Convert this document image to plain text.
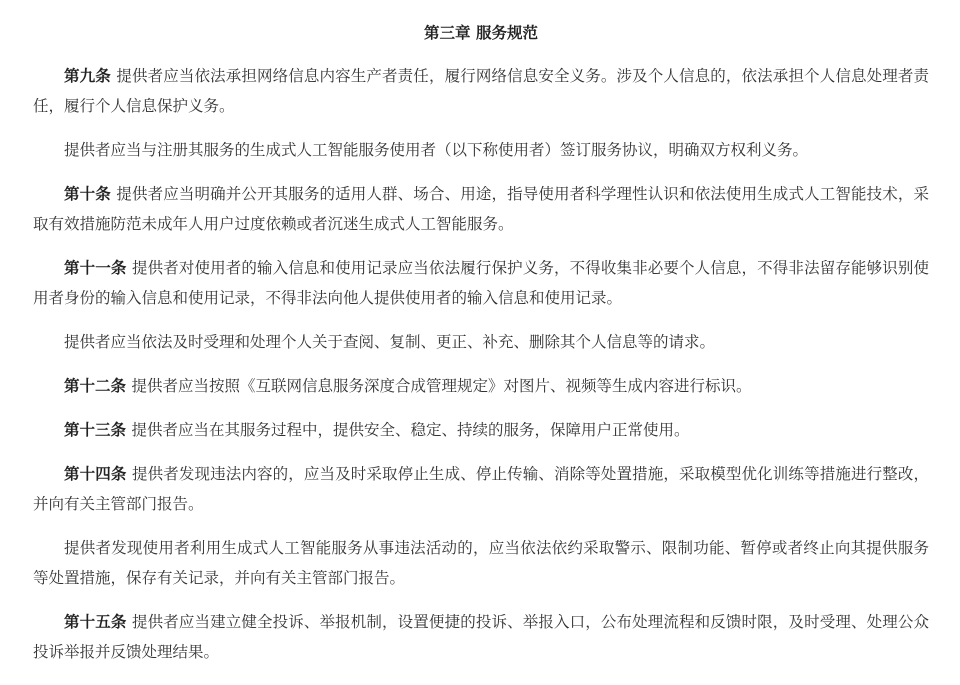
第三章 服务规范

第九条 提供者应当依法承担网络信息内容生产者责任，履行网络信息安全义务。涉及个人信息的，依法承担个人信息处理者责任，履行个人信息保护义务。

提供者应当与注册其服务的生成式人工智能服务使用者（以下称使用者）签订服务协议，明确双方权利义务。

第十条 提供者应当明确并公开其服务的适用人群、场合、用途，指导使用者科学理性认识和依法使用生成式人工智能技术，采取有效措施防范未成年人用户过度依赖或者沉迷生成式人工智能服务。

第十一条 提供者对使用者的输入信息和使用记录应当依法履行保护义务，不得收集非必要个人信息，不得非法留存能够识别使用者身份的输入信息和使用记录，不得非法向他人提供使用者的输入信息和使用记录。

提供者应当依法及时受理和处理个人关于查阅、复制、更正、补充、删除其个人信息等的请求。

第十二条 提供者应当按照《互联网信息服务深度合成管理规定》对图片、视频等生成内容进行标识。

第十三条 提供者应当在其服务过程中，提供安全、稳定、持续的服务，保障用户正常使用。

第十四条 提供者发现违法内容的，应当及时采取停止生成、停止传输、消除等处置措施，采取模型优化训练等措施进行整改，并向有关主管部门报告。

提供者发现使用者利用生成式人工智能服务从事违法活动的，应当依法依约采取警示、限制功能、暂停或者终止向其提供服务等处置措施，保存有关记录，并向有关主管部门报告。

第十五条 提供者应当建立健全投诉、举报机制，设置便捷的投诉、举报入口，公布处理流程和反馈时限，及时受理、处理公众投诉举报并反馈处理结果。
